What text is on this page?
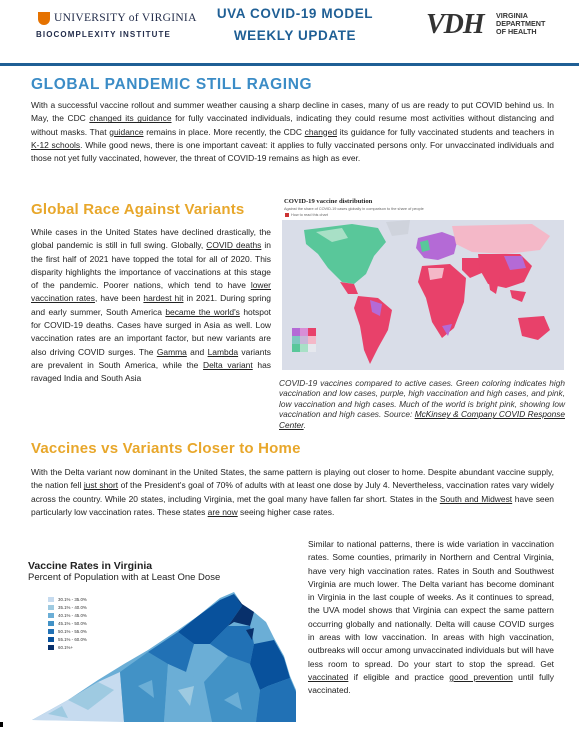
UNIVERSITY of VIRGINIA
BIOCOMPLEXITY INSTITUTE
UVA COVID-19 MODEL
WEEKLY UPDATE	VDH VIRGINIA
DEPARTMENT
OF HEALTH
GLOBAL PANDEMIC STILL RAGING
With a successful vaccine rollout and summer weather causing a sharp decline in cases, many of us are ready to put COVID behind us. In May, the CDC changed its guidance for fully vaccinated individuals, indicating they could resume most activities without distancing and without masks. That guidance remains in place. More recently, the CDC changed its guidance for fully vaccinated students and teachers in K-12 schools. While good news, there is one important caveat: it applies to fully vaccinated persons only. For unvaccinated individuals and those not yet fully vaccinated, however, the threat of COVID-19 remains as high as ever.
Global Race Against Variants
While cases in the United States have declined drastically, the global pandemic is still in full swing. Globally, COVID deaths in the first half of 2021 have topped the total for all of 2020. This disparity highlights the importance of vaccinations at this stage of the pandemic. Poorer nations, which tend to have lower vaccination rates, have been hardest hit in 2021. During spring and early summer, South America became the world's hotspot for COVID-19 deaths. Cases have surged in Asia as well. Low vaccination rates are an important factor, but new variants are also driving COVID surges. The Gamma and Lambda variants are prevalent in South America, while the Delta variant has ravaged India and South Asia
COVID-19 vaccine distribution
Against the share of COVID-19 cases globally in comparison to the share of people
How to read this chart
COVID-19 vaccines compared to active cases. Green coloring indicates high vaccination and low cases, purple, high vaccination and high cases, and pink, low vaccination and high cases. Much of the world is bright pink, showing low vaccination and high cases. Source: McKinsey & Company COVID Response Center.
Vaccines vs Variants Closer to Home
With the Delta variant now dominant in the United States, the same pattern is playing out closer to home. Despite abundant vaccine supply, the nation fell just short of the President's goal of 70% of adults with at least one dose by July 4. Nevertheless, vaccination rates vary widely across the country. While 20 states, including Virginia, met the goal many have fallen far short. States in the South and Midwest have seen particularly low vaccination rates. These states are now seeing higher case rates.
Similar to national patterns, there is wide variation in vaccination rates. Some counties, primarily in Northern and Central Virginia, have very high vaccination rates. Rates in South and Southwest Virginia are much lower. The Delta variant has become dominant in Virginia in the last couple of weeks. As it continues to spread, the UVA model shows that Virginia can expect the same pattern occurring globally and nationally. Delta will cause COVID surges in areas with low vaccination. In areas with high vaccination, outbreaks will occur among unvaccinated individuals but will have less room to spread. Do your start to stop the spread. Get vaccinated if eligible and practice good prevention until fully vaccinated.
Vaccine Rates in Virginia
Percent of Population with at Least One Dose
30.1% - 35.0%
35.1% - 40.0%
40.1% - 45.0%
45.1% - 50.0%
50.1% - 55.0%
55.1% - 60.0%
60.1%+
